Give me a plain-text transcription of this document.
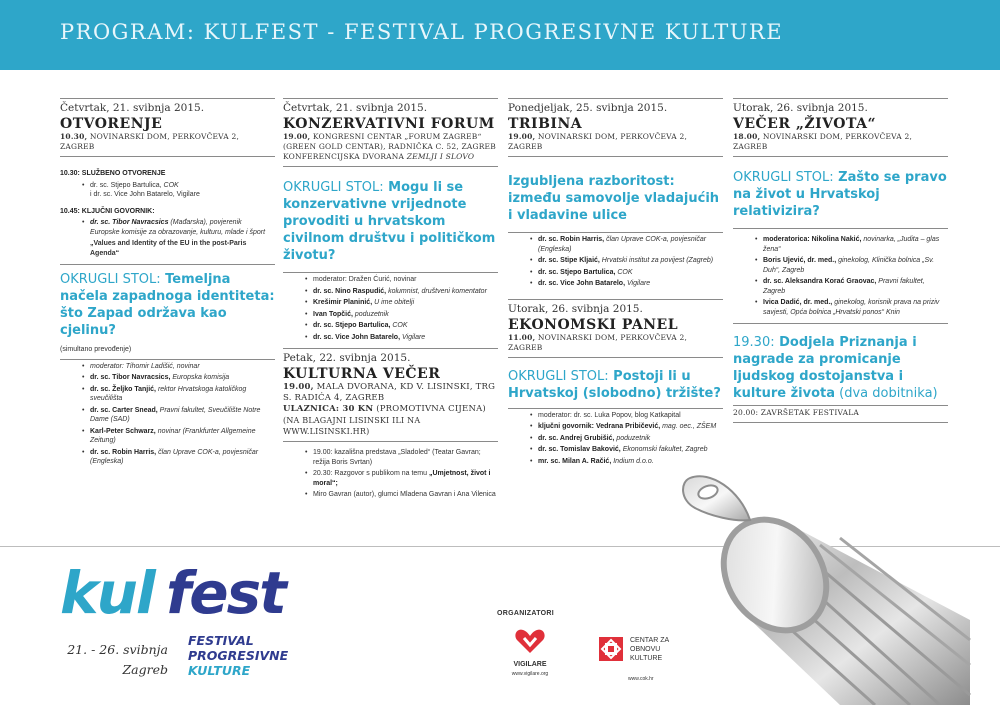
PROGRAM: KULFEST - FESTIVAL PROGRESIVNE KULTURE
Četvrtak, 21. svibnja 2015.
OTVORENJE
10.30, NOVINARSKI DOM, PERKOVČEVA 2, ZAGREB
10.30: SLUŽBENO OTVORENJE
• dr. sc. Stjepo Bartulica, COK
i dr. sc. Vice John Batarelo, Vigilare
10.45: KLJUČNI GOVORNIK:
• dr. sc. Tibor Navracsics (Mađarska), povjerenik
Europske komisije za obrazovanje, kulturu, mlade i šport
„Values and Identity of the EU in the post-Paris Agenda“
OKRUGLI STOL: Temeljna načela zapadnoga identiteta: što Zapad održava kao cjelinu?
(simultano prevođenje)
• moderator: Tihomir Ladišić, novinar
• dr. sc. Tibor Navracsics, Europska komisija
• dr. sc. Željko Tanjić, rektor Hrvatskoga katoličkog sveučilišta
• dr. sc. Carter Snead, Pravni fakultet, Sveučilište Notre Dame (SAD)
• Karl-Peter Schwarz, novinar (Frankfurter Allgemeine Zeitung)
• dr. sc. Robin Harris, član Uprave COK-a, povjesničar (Engleska)
Četvrtak, 21. svibnja 2015.
KONZERVATIVNI FORUM
19.00, KONGRESNI CENTAR „FORUM ZAGREB“ (GREEN GOLD CENTAR), RADNIČKA C. 52, ZAGREB
KONFERENCIJSKA DVORANA ZEMLJI I SLOVO
OKRUGLI STOL: Mogu li se konzervativne vrijednote provoditi u hrvatskom civilnom društvu i političkom životu?
• moderator: Dražen Ćurić, novinar
• dr. sc. Nino Raspudić, kolumnist, društveni komentator
• Krešimir Planinić, U ime obitelji
• Ivan Topčić, poduzetnik
• dr. sc. Stjepo Bartulica, COK
• dr. sc. Vice John Batarelo, Vigilare
Petak, 22. svibnja 2015.
KULTURNA VEČER
19.00, MALA DVORANA, KD V. LISINSKI, TRG S. RADIĆA 4, ZAGREB
ULAZNICA: 30 KN (PROMOTIVNA CIJENA)
(NA BLAGAJNI LISINSKI ILI NA WWW.LISINSKI.HR)
• 19.00: kazališna predstava „Sladoled“ (Teatar Gavran; režija Boris Svrtan)
• 20.30: Razgovor s publikom na temu „Umjetnost, život i moral“;
• Miro Gavran (autor), glumci Mladena Gavran i Ana Vilenica
Ponedjeljak, 25. svibnja 2015.
TRIBINA
19.00, NOVINARSKI DOM, PERKOVČEVA 2, ZAGREB
Izgubljena razboritost: između samovolje vladajućih i vladavine ulice
• dr. sc. Robin Harris, član Uprave COK-a, povjesničar (Engleska)
• dr. sc. Stipe Kljaić, Hrvatski institut za povijest (Zagreb)
• dr. sc. Stjepo Bartulica, COK
• dr. sc. Vice John Batarelo, Vigilare
Utorak, 26. svibnja 2015.
EKONOMSKI PANEL
11.00, NOVINARSKI DOM, PERKOVČEVA 2, ZAGREB
OKRUGLI STOL: Postoji li u Hrvatskoj (slobodno) tržište?
• moderator: dr. sc. Luka Popov, blog Katkapital
• ključni govornik: Vedrana Pribičević, mag. oec., ZŠEM
• dr. sc. Andrej Grubišić, poduzetnik
• dr. sc. Tomislav Baković, Ekonomski fakultet, Zagreb
• mr. sc. Milan A. Račić, Indium d.o.o.
Utorak, 26. svibnja 2015.
VEČER „ŽIVOTA“
18.00, NOVINARSKI DOM, PERKOVČEVA 2, ZAGREB
OKRUGLI STOL: Zašto se pravo na život u Hrvatskoj relativizira?
• moderatorica: Nikolina Nakić, novinarka, „Judita – glas žena“
• Boris Ujević, dr. med., ginekolog, Klinička bolnica „Sv. Duh“, Zagreb
• dr. sc. Aleksandra Korać Graovac, Pravni fakultet, Zagreb
• Ivica Dadić, dr. med., ginekolog, korisnik prava na priziv savjesti, Opća bolnica „Hrvatski ponos“ Knin
19.30: Dodjela Priznanja i nagrade za promicanje ljudskog dostojanstva i kulture života (dva dobitnika)
20.00: ZAVRŠETAK FESTIVALA
kul fest
21. - 26. svibnja
Zagreb
FESTIVAL
PROGRESIVNE
KULTURE
ORGANIZATORI
VIGILARE
www.vigilare.org
CENTAR ZA
OBNOVU
KULTURE
www.cok.hr
